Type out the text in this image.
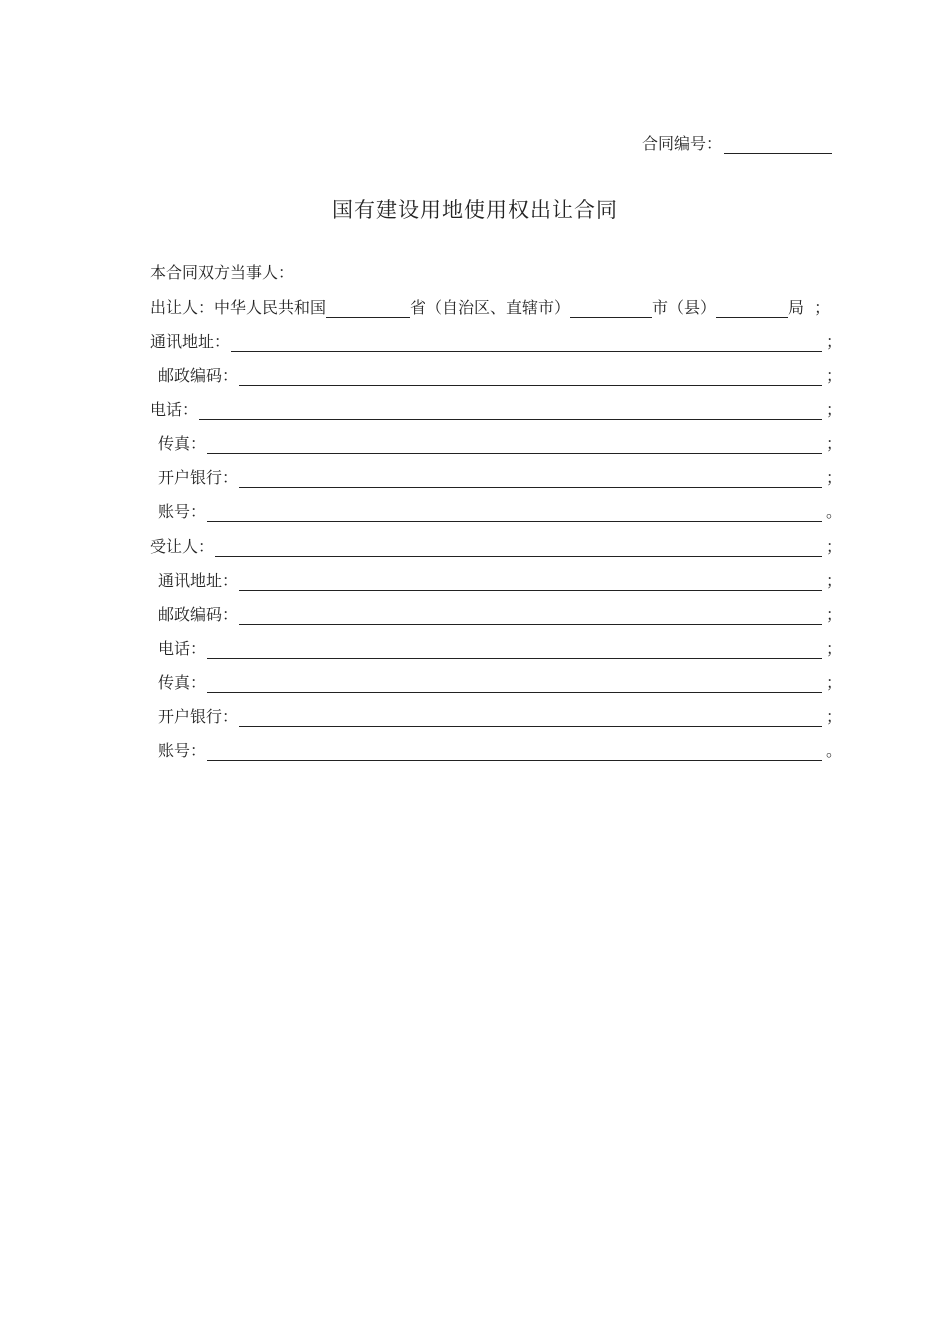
合同编号：
国有建设用地使用权出让合同
本合同双方当事人：
出让人：中华人民共和国	省（自治区、直辖市）	市（县）	局 ；
通讯地址：	；
邮政编码：	；
电话：	；
传真：	；
开户银行：	；
账号：	。
受让人：	；
通讯地址：	；
邮政编码：	；
电话：	；
传真：	；
开户银行：	；
账号：	。
